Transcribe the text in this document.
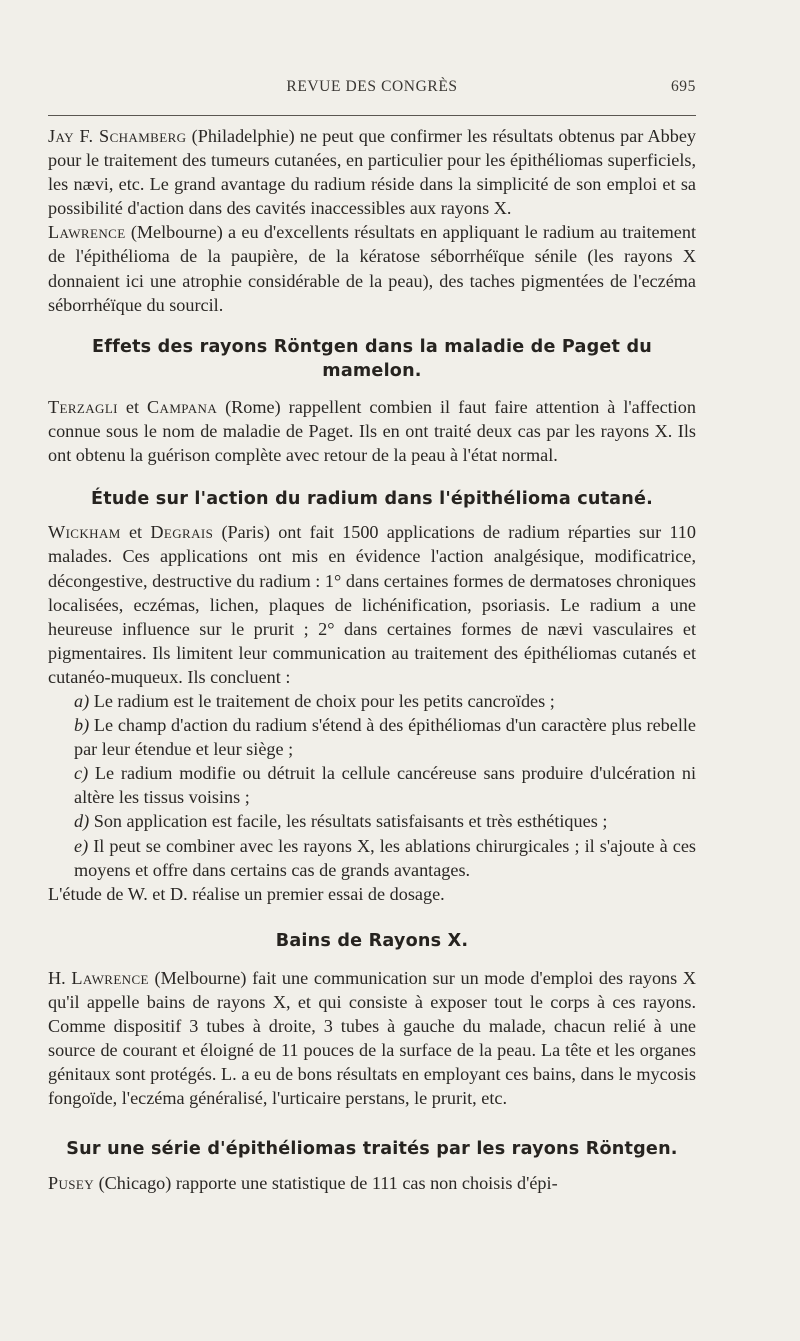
REVUE DES CONGRÈS	695

Jay F. Schamberg (Philadelphie) ne peut que confirmer les résultats obtenus par Abbey pour le traitement des tumeurs cutanées, en particulier pour les épithéliomas superficiels, les nævi, etc. Le grand avantage du radium réside dans la simplicité de son emploi et sa possibilité d'action dans des cavités inaccessibles aux rayons X.

Lawrence (Melbourne) a eu d'excellents résultats en appliquant le radium au traitement de l'épithélioma de la paupière, de la kératose séborrhéïque sénile (les rayons X donnaient ici une atrophie considérable de la peau), des taches pigmentées de l'eczéma séborrhéïque du sourcil.

Effets des rayons Röntgen dans la maladie de Paget du mamelon.

Terzagli et Campana (Rome) rappellent combien il faut faire attention à l'affection connue sous le nom de maladie de Paget. Ils en ont traité deux cas par les rayons X. Ils ont obtenu la guérison complète avec retour de la peau à l'état normal.

Étude sur l'action du radium dans l'épithélioma cutané.

Wickham et Degrais (Paris) ont fait 1500 applications de radium réparties sur 110 malades. Ces applications ont mis en évidence l'action analgésique, modificatrice, décongestive, destructive du radium : 1° dans certaines formes de dermatoses chroniques localisées, eczémas, lichen, plaques de lichénification, psoriasis. Le radium a une heureuse influence sur le prurit ; 2° dans certaines formes de nævi vasculaires et pigmentaires. Ils limitent leur communication au traitement des épithéliomas cutanés et cutanéo-muqueux. Ils concluent :

a) Le radium est le traitement de choix pour les petits cancroïdes ;

b) Le champ d'action du radium s'étend à des épithéliomas d'un caractère plus rebelle par leur étendue et leur siège ;

c) Le radium modifie ou détruit la cellule cancéreuse sans produire d'ulcération ni altère les tissus voisins ;

d) Son application est facile, les résultats satisfaisants et très esthétiques ;

e) Il peut se combiner avec les rayons X, les ablations chirurgicales ; il s'ajoute à ces moyens et offre dans certains cas de grands avantages.

L'étude de W. et D. réalise un premier essai de dosage.

Bains de Rayons X.

H. Lawrence (Melbourne) fait une communication sur un mode d'emploi des rayons X qu'il appelle bains de rayons X, et qui consiste à exposer tout le corps à ces rayons. Comme dispositif 3 tubes à droite, 3 tubes à gauche du malade, chacun relié à une source de courant et éloigné de 11 pouces de la surface de la peau. La tête et les organes génitaux sont protégés. L. a eu de bons résultats en employant ces bains, dans le mycosis fongoïde, l'eczéma généralisé, l'urticaire perstans, le prurit, etc.

Sur une série d'épithéliomas traités par les rayons Röntgen.

Pusey (Chicago) rapporte une statistique de 111 cas non choisis d'épi-
